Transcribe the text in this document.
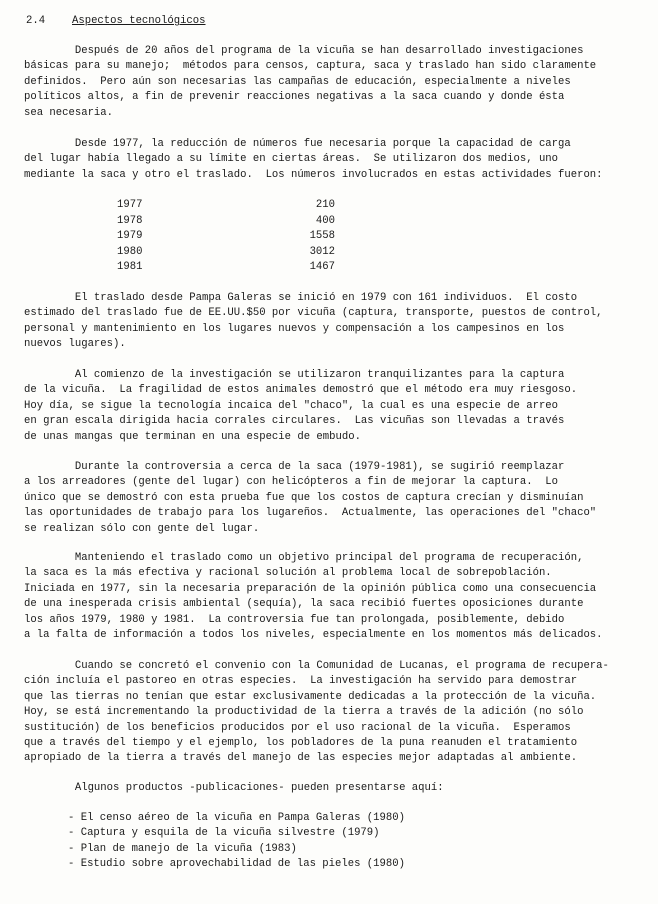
2.4	Aspectos tecnológicos
Después de 20 años del programa de la vicuña se han desarrollado investigaciones
básicas para su manejo;  métodos para censos, captura, saca y traslado han sido claramente
definidos.  Pero aún son necesarias las campañas de educación, especialmente a niveles
políticos altos, a fin de prevenir reacciones negativas a la saca cuando y donde ésta
sea necesaria.
Desde 1977, la reducción de números fue necesaria porque la capacidad de carga
del lugar había llegado a su límite en ciertas áreas.  Se utilizaron dos medios, uno
mediante la saca y otro el traslado.  Los números involucrados en estas actividades fueron:
1977	210
1978	400
1979	1558
1980	3012
1981	1467
El traslado desde Pampa Galeras se inició en 1979 con 161 individuos.  El costo
estimado del traslado fue de EE.UU.$50 por vicuña (captura, transporte, puestos de control,
personal y mantenimiento en los lugares nuevos y compensación a los campesinos en los
nuevos lugares).
Al comienzo de la investigación se utilizaron tranquilizantes para la captura
de la vicuña.  La fragilidad de estos animales demostró que el método era muy riesgoso.
Hoy día, se sigue la tecnología incaica del "chaco", la cual es una especie de arreo
en gran escala dirigida hacia corrales circulares.  Las vicuñas son llevadas a través
de unas mangas que terminan en una especie de embudo.
Durante la controversia a cerca de la saca (1979-1981), se sugirió reemplazar
a los arreadores (gente del lugar) con helicópteros a fin de mejorar la captura.  Lo
único que se demostró con esta prueba fue que los costos de captura crecían y disminuían
las oportunidades de trabajo para los lugareños.  Actualmente, las operaciones del "chaco"
se realizan sólo con gente del lugar.
Manteniendo el traslado como un objetivo principal del programa de recuperación,
la saca es la más efectiva y racional solución al problema local de sobrepoblación.
Iniciada en 1977, sin la necesaria preparación de la opinión pública como una consecuencia
de una inesperada crisis ambiental (sequía), la saca recibió fuertes oposiciones durante
los años 1979, 1980 y 1981.  La controversia fue tan prolongada, posiblemente, debido
a la falta de información a todos los niveles, especialmente en los momentos más delicados.
Cuando se concretó el convenio con la Comunidad de Lucanas, el programa de recupera-
ción incluía el pastoreo en otras especies.  La investigación ha servido para demostrar
que las tierras no tenían que estar exclusivamente dedicadas a la protección de la vicuña.
Hoy, se está incrementando la productividad de la tierra a través de la adición (no sólo
sustitución) de los beneficios producidos por el uso racional de la vicuña.  Esperamos
que a través del tiempo y el ejemplo, los pobladores de la puna reanuden el tratamiento
apropiado de la tierra a través del manejo de las especies mejor adaptadas al ambiente.
Algunos productos -publicaciones- pueden presentarse aquí:
- El censo aéreo de la vicuña en Pampa Galeras (1980)
- Captura y esquila de la vicuña silvestre (1979)
- Plan de manejo de la vicuña (1983)
- Estudio sobre aprovechabilidad de las pieles (1980)
